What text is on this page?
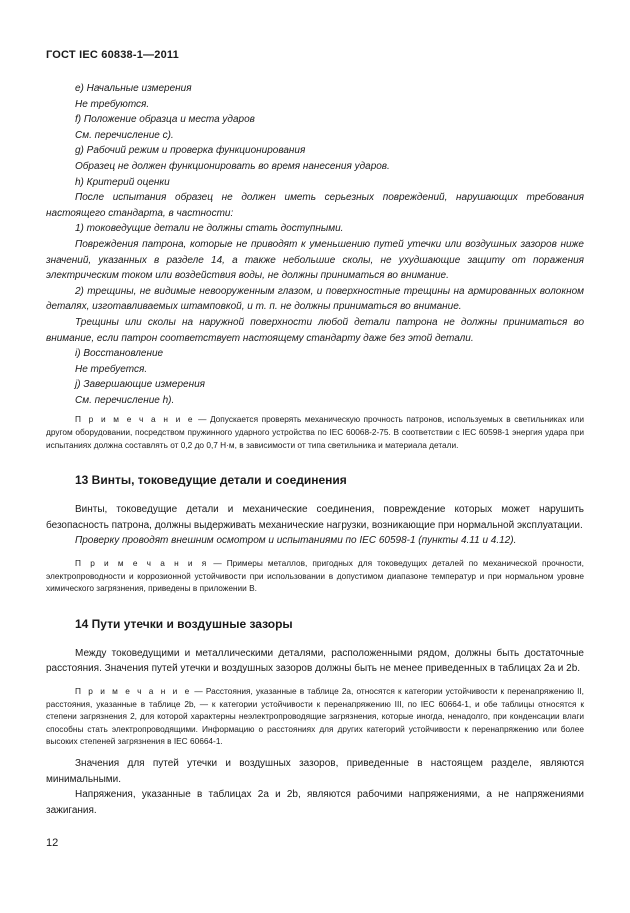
ГОСТ IEC 60838-1—2011

e) Начальные измерения

Не требуются.

f) Положение образца и места ударов

См. перечисление с).

g) Рабочий режим и проверка функционирования

Образец не должен функционировать во время нанесения ударов.

h) Критерий оценки

После испытания образец не должен иметь серьезных повреждений, нарушающих требования настоящего стандарта, в частности:

1) токоведущие детали не должны стать доступными.

Повреждения патрона, которые не приводят к уменьшению путей утечки или воздушных зазоров ниже значений, указанных в разделе 14, а также небольшие сколы, не ухудшающие защиту от поражения электрическим током или воздействия воды, не должны приниматься во внимание.

2) трещины, не видимые невооруженным глазом, и поверхностные трещины на армированных волокном деталях, изготавливаемых штамповкой, и т. п. не должны приниматься во внимание.

Трещины или сколы на наружной поверхности любой детали патрона не должны приниматься во внимание, если патрон соответствует настоящему стандарту даже без этой детали.

i) Восстановление

Не требуется.

j) Завершающие измерения

См. перечисление h).

П р и м е ч а н и е — Допускается проверять механическую прочность патронов, используемых в светильниках или другом оборудовании, посредством пружинного ударного устройства по IEC 60068-2-75. В соответствии с IEC 60598-1 энергия удара при испытаниях должна составлять от 0,2 до 0,7 Н·м, в зависимости от типа светильника и материала детали.

13 Винты, токоведущие детали и соединения

Винты, токоведущие детали и механические соединения, повреждение которых может нарушить безопасность патрона, должны выдерживать механические нагрузки, возникающие при нормальной эксплуатации.

Проверку проводят внешним осмотром и испытаниями по IEC 60598-1 (пункты 4.11 и 4.12).

П р и м е ч а н и я — Примеры металлов, пригодных для токоведущих деталей по механической прочности, электропроводности и коррозионной устойчивости при использовании в допустимом диапазоне температур и при нормальном уровне химического загрязнения, приведены в приложении В.

14 Пути утечки и воздушные зазоры

Между токоведущими и металлическими деталями, расположенными рядом, должны быть достаточные расстояния. Значения путей утечки и воздушных зазоров должны быть не менее приведенных в таблицах 2а и 2b.

П р и м е ч а н и е — Расстояния, указанные в таблице 2а, относятся к категории устойчивости к перенапряжению II, расстояния, указанные в таблице 2b, — к категории устойчивости к перенапряжению III, по IEC 60664-1, и обе таблицы относятся к степени загрязнения 2, для которой характерны неэлектропроводящие загрязнения, которые иногда, ненадолго, при конденсации влаги способны стать электропроводящими. Информацию о расстояниях для других категорий устойчивости к перенапряжению или более высоких степеней загрязнения в IEC 60664-1.

Значения для путей утечки и воздушных зазоров, приведенные в настоящем разделе, являются минимальными.

Напряжения, указанные в таблицах 2а и 2b, являются рабочими напряжениями, а не напряжениями зажигания.

12
